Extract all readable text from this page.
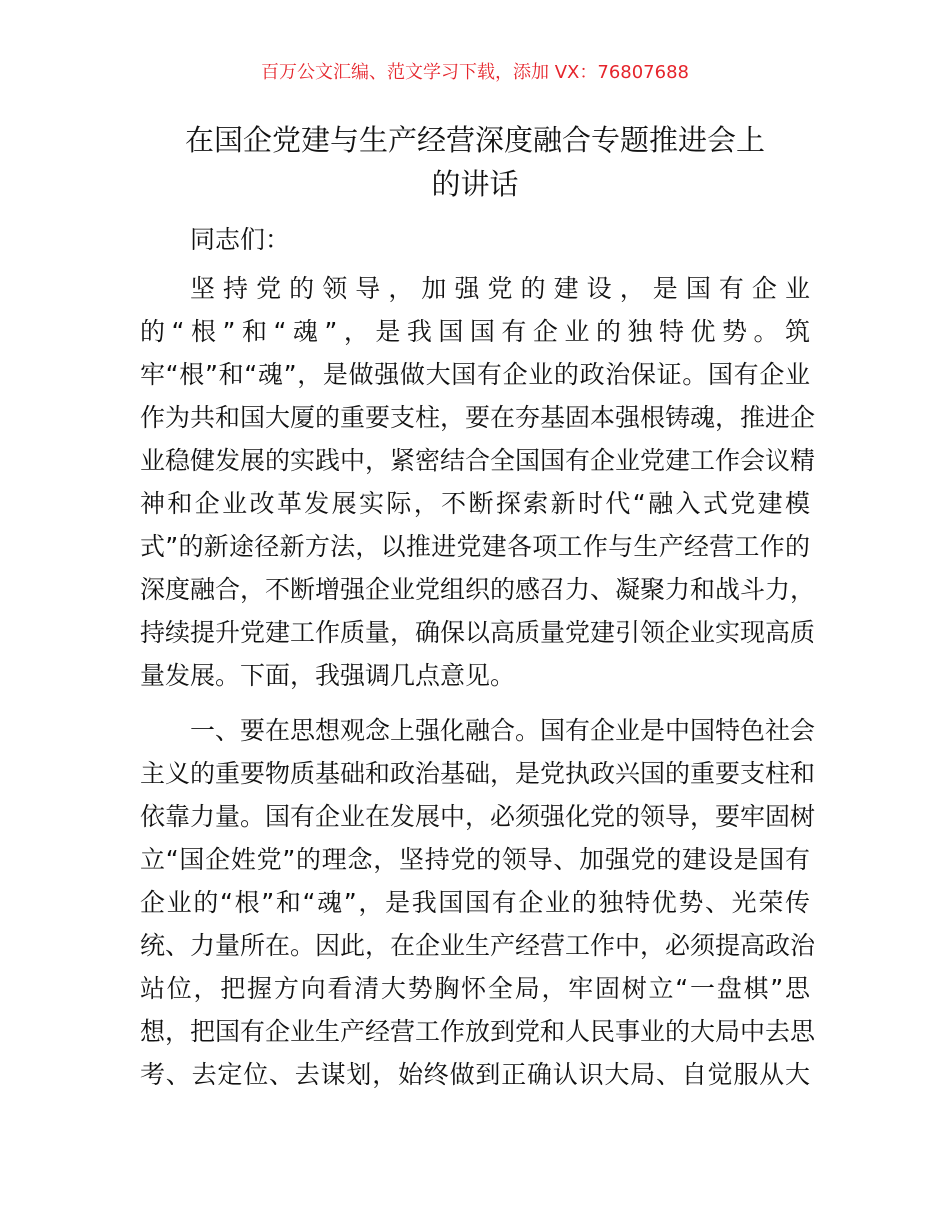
百万公文汇编、范文学习下载，添加 VX：76807688
在国企党建与生产经营深度融合专题推进会上
的讲话
同志们：
坚持党的领导，加强党的建设，是国有企业
的“根”和“魂”，是我国国有企业的独特优势。筑
牢“根”和“魂”，是做强做大国有企业的政治保证。国有企业
作为共和国大厦的重要支柱，要在夯基固本强根铸魂，推进企
业稳健发展的实践中，紧密结合全国国有企业党建工作会议精
神和企业改革发展实际，不断探索新时代“融入式党建模
式”的新途径新方法，以推进党建各项工作与生产经营工作的
深度融合，不断增强企业党组织的感召力、凝聚力和战斗力，
持续提升党建工作质量，确保以高质量党建引领企业实现高质
量发展。下面，我强调几点意见。
一、要在思想观念上强化融合。国有企业是中国特色社会
主义的重要物质基础和政治基础，是党执政兴国的重要支柱和
依靠力量。国有企业在发展中，必须强化党的领导，要牢固树
立“国企姓党”的理念，坚持党的领导、加强党的建设是国有
企业的“根”和“魂”，是我国国有企业的独特优势、光荣传
统、力量所在。因此，在企业生产经营工作中，必须提高政治
站位，把握方向看清大势胸怀全局，牢固树立“一盘棋”思
想，把国有企业生产经营工作放到党和人民事业的大局中去思
考、去定位、去谋划，始终做到正确认识大局、自觉服从大
